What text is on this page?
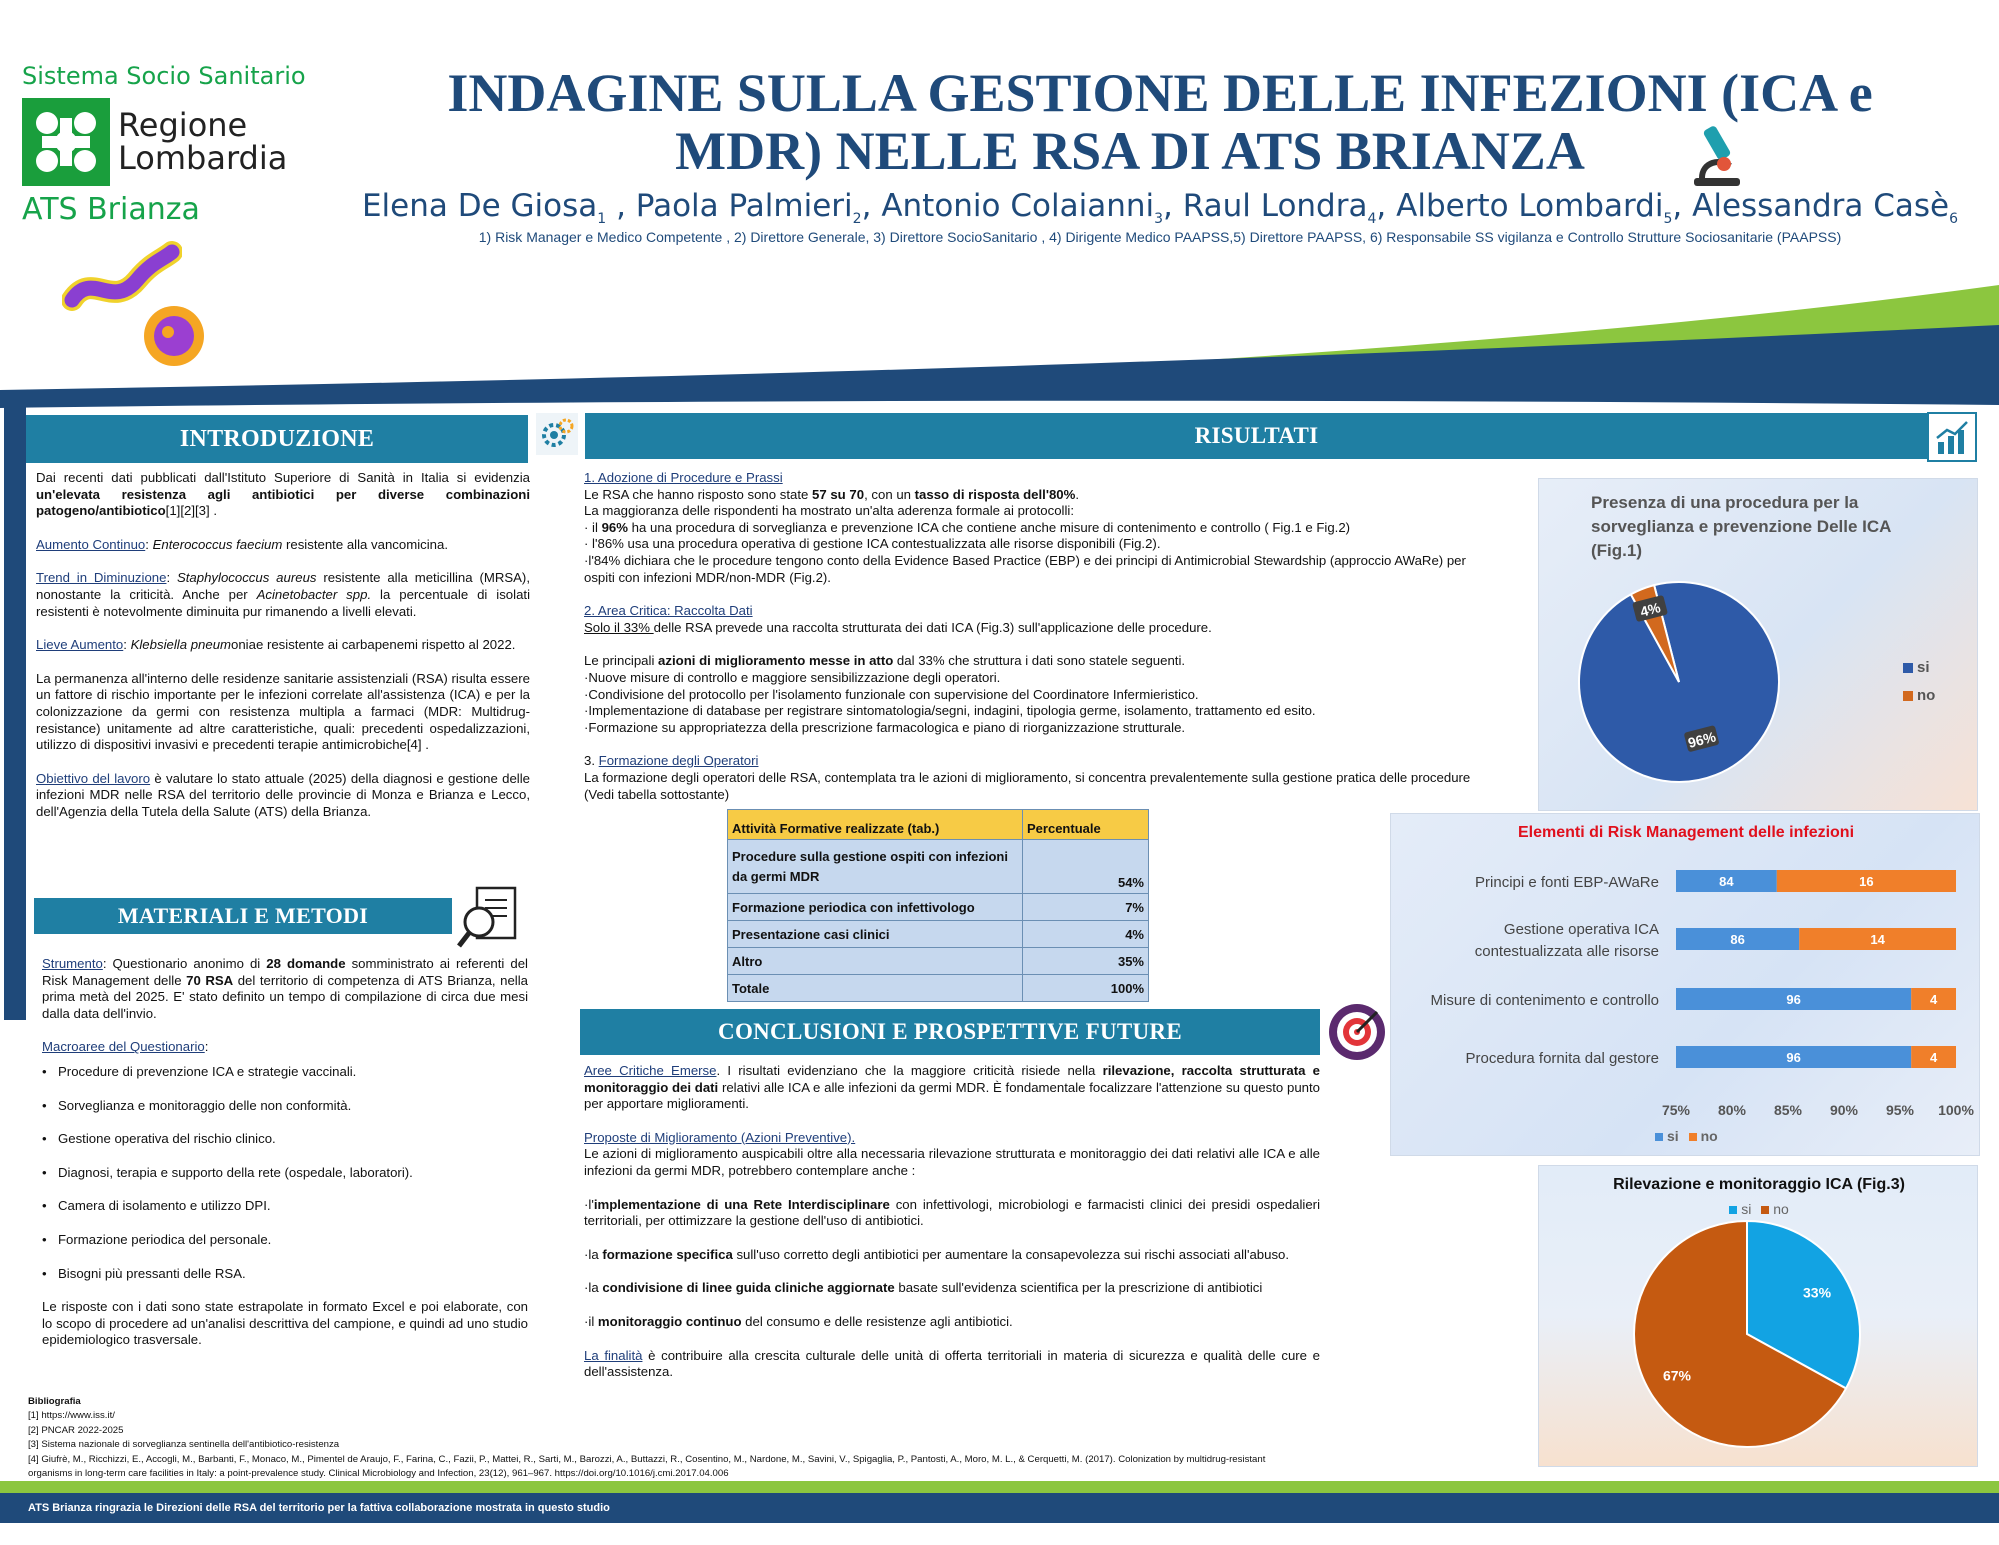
Sistema Socio Sanitario
Regione
Lombardia
ATS Brianza
INDAGINE SULLA GESTIONE DELLE INFEZIONI (ICA e
MDR) NELLE RSA DI ATS BRIANZA
Elena De Giosa$_1$ , Paola Palmieri$_2$, Antonio Colaianni$_3$, Raul Londra$_4$, Alberto Lombardi$_5$, Alessandra Casè$_6$
1) Risk Manager e Medico Competente , 2) Direttore Generale, 3) Direttore SocioSanitario , 4) Dirigente Medico PAAPSS,5) Direttore PAAPSS, 6) Responsabile SS vigilanza e Controllo Strutture Sociosanitarie (PAAPSS)
INTRODUZIONE

Dai recenti dati pubblicati dall'Istituto Superiore di Sanità in Italia si evidenzia un'elevata resistenza agli antibiotici per diverse combinazioni patogeno/antibiotico[1][2][3] .

Aumento Continuo: Enterococcus faecium resistente alla vancomicina.

Trend in Diminuzione: Staphylococcus aureus resistente alla meticillina (MRSA), nonostante la criticità. Anche per Acinetobacter spp. la percentuale di isolati resistenti è notevolmente diminuita pur rimanendo a livelli elevati.

Lieve Aumento: Klebsiella pneumoniae resistente ai carbapenemi rispetto al 2022.

La permanenza all'interno delle residenze sanitarie assistenziali (RSA) risulta essere un fattore di rischio importante per le infezioni correlate all'assistenza (ICA) e per la colonizzazione da germi con resistenza multipla a farmaci (MDR: Multidrug-resistance) unitamente ad altre caratteristiche, quali: precedenti ospedalizzazioni, utilizzo di dispositivi invasivi e precedenti terapie antimicrobiche[4] .

Obiettivo del lavoro è valutare lo stato attuale (2025) della diagnosi e gestione delle infezioni MDR nelle RSA del territorio delle provincie di Monza e Brianza e Lecco, dell'Agenzia della Tutela della Salute (ATS) della Brianza.

MATERIALI E METODI

Strumento: Questionario anonimo di 28 domande somministrato ai referenti del Risk Management delle 70 RSA del territorio di competenza di ATS Brianza, nella prima metà del 2025. E' stato definito un tempo di compilazione di circa due mesi dalla data dell'invio.

Macroaree del Questionario:

• Procedure di prevenzione ICA e strategie vaccinali.
• Sorveglianza e monitoraggio delle non conformità.
• Gestione operativa del rischio clinico.
• Diagnosi, terapia e supporto della rete (ospedale, laboratori).
• Camera di isolamento e utilizzo DPI.
• Formazione periodica del personale.
• Bisogni più pressanti delle RSA.

Le risposte con i dati sono state estrapolate in formato Excel e poi elaborate, con lo scopo di procedere ad un'analisi descrittiva del campione, e quindi ad uno studio epidemiologico trasversale.

Bibliografia
[1] https://www.iss.it/
[2] PNCAR 2022-2025
[3] Sistema nazionale di sorveglianza sentinella dell'antibiotico-resistenza
[4] Giufrè, M., Ricchizzi, E., Accogli, M., Barbanti, F., Monaco, M., Pimentel de Araujo, F., Farina, C., Fazii, P., Mattei, R., Sarti, M., Barozzi, A., Buttazzi, R., Cosentino, M., Nardone, M., Savini, V., Spigaglia, P., Pantosti, A., Moro, M. L., & Cerquetti, M. (2017). Colonization by multidrug-resistant
organisms in long-term care facilities in Italy: a point-prevalence study. Clinical Microbiology and Infection, 23(12), 961–967. https://doi.org/10.1016/j.cmi.2017.04.006
RISULTATI

1. Adozione di Procedure e Prassi

Le RSA che hanno risposto sono state 57 su 70, con un tasso di risposta dell'80%.

La maggioranza delle rispondenti ha mostrato un'alta aderenza formale ai protocolli:

· il 96% ha una procedura di sorveglianza e prevenzione ICA che contiene anche misure di contenimento e controllo ( Fig.1 e Fig.2)

· l'86% usa una procedura operativa di gestione ICA contestualizzata alle risorse disponibili (Fig.2).

·l'84% dichiara che le procedure tengono conto della Evidence Based Practice (EBP) e dei principi di Antimicrobial Stewardship (approccio AWaRe) per ospiti con infezioni MDR/non-MDR (Fig.2).

2. Area Critica: Raccolta Dati

Solo il 33% delle RSA prevede una raccolta strutturata dei dati ICA (Fig.3) sull'applicazione delle procedure.

Le principali azioni di miglioramento messe in atto dal 33% che struttura i dati sono statele seguenti.

·Nuove misure di controllo e maggiore sensibilizzazione degli operatori.

·Condivisione del protocollo per l'isolamento funzionale con supervisione del Coordinatore Infermieristico.

·Implementazione di database per registrare sintomatologia/segni, indagini, tipologia germe, isolamento, trattamento ed esito.

·Formazione su appropriatezza della prescrizione farmacologica e piano di riorganizzazione strutturale.

3. Formazione degli Operatori

La formazione degli operatori delle RSA, contemplata tra le azioni di miglioramento, si concentra prevalentemente sulla gestione pratica delle procedure (Vedi tabella sottostante)

Attività Formative realizzate (tab.)	Percentuale
Procedure sulla gestione ospiti con infezioni da germi MDR	54%
Formazione periodica con infettivologo	7%
Presentazione casi clinici	4%
Altro	35%
Totale	100%
Presenza di una procedura per la sorveglianza e prevenzione Delle ICA (Fig.1)
96%
4%
si
no
Elementi di Risk Management delle infezioni
Principi e fonti EBP-AWaRe	84	16
Gestione operativa ICA
contestualizzata alle risorse
86	14
Misure di contenimento e controllo	96	4
Procedura fornita dal gestore	96	4
75% 80% 85% 90% 95% 100%
si no
Rilevazione e monitoraggio ICA (Fig.3)
si no
33%
67%
CONCLUSIONI E PROSPETTIVE FUTURE

Aree Critiche Emerse. I risultati evidenziano che la maggiore criticità risiede nella rilevazione, raccolta strutturata e monitoraggio dei dati relativi alle ICA e alle infezioni da germi MDR. È fondamentale focalizzare l'attenzione su questo punto per apportare miglioramenti.

Proposte di Miglioramento (Azioni Preventive).

Le azioni di miglioramento auspicabili oltre alla necessaria rilevazione strutturata e monitoraggio dei dati relativi alle ICA e alle infezioni da germi MDR, potrebbero contemplare anche :

·l'implementazione di una Rete Interdisciplinare con infettivologi, microbiologi e farmacisti clinici dei presidi ospedalieri territoriali, per ottimizzare la gestione dell'uso di antibiotici.

·la formazione specifica sull'uso corretto degli antibiotici per aumentare la consapevolezza sui rischi associati all'abuso.

·la condivisione di linee guida cliniche aggiornate basate sull'evidenza scientifica per la prescrizione di antibiotici

·il monitoraggio continuo del consumo e delle resistenze agli antibiotici.

La finalità è contribuire alla crescita culturale delle unità di offerta territoriali in materia di sicurezza e qualità delle cure e dell'assistenza.

ATS Brianza ringrazia le Direzioni delle RSA del territorio per la fattiva collaborazione mostrata in questo studio
